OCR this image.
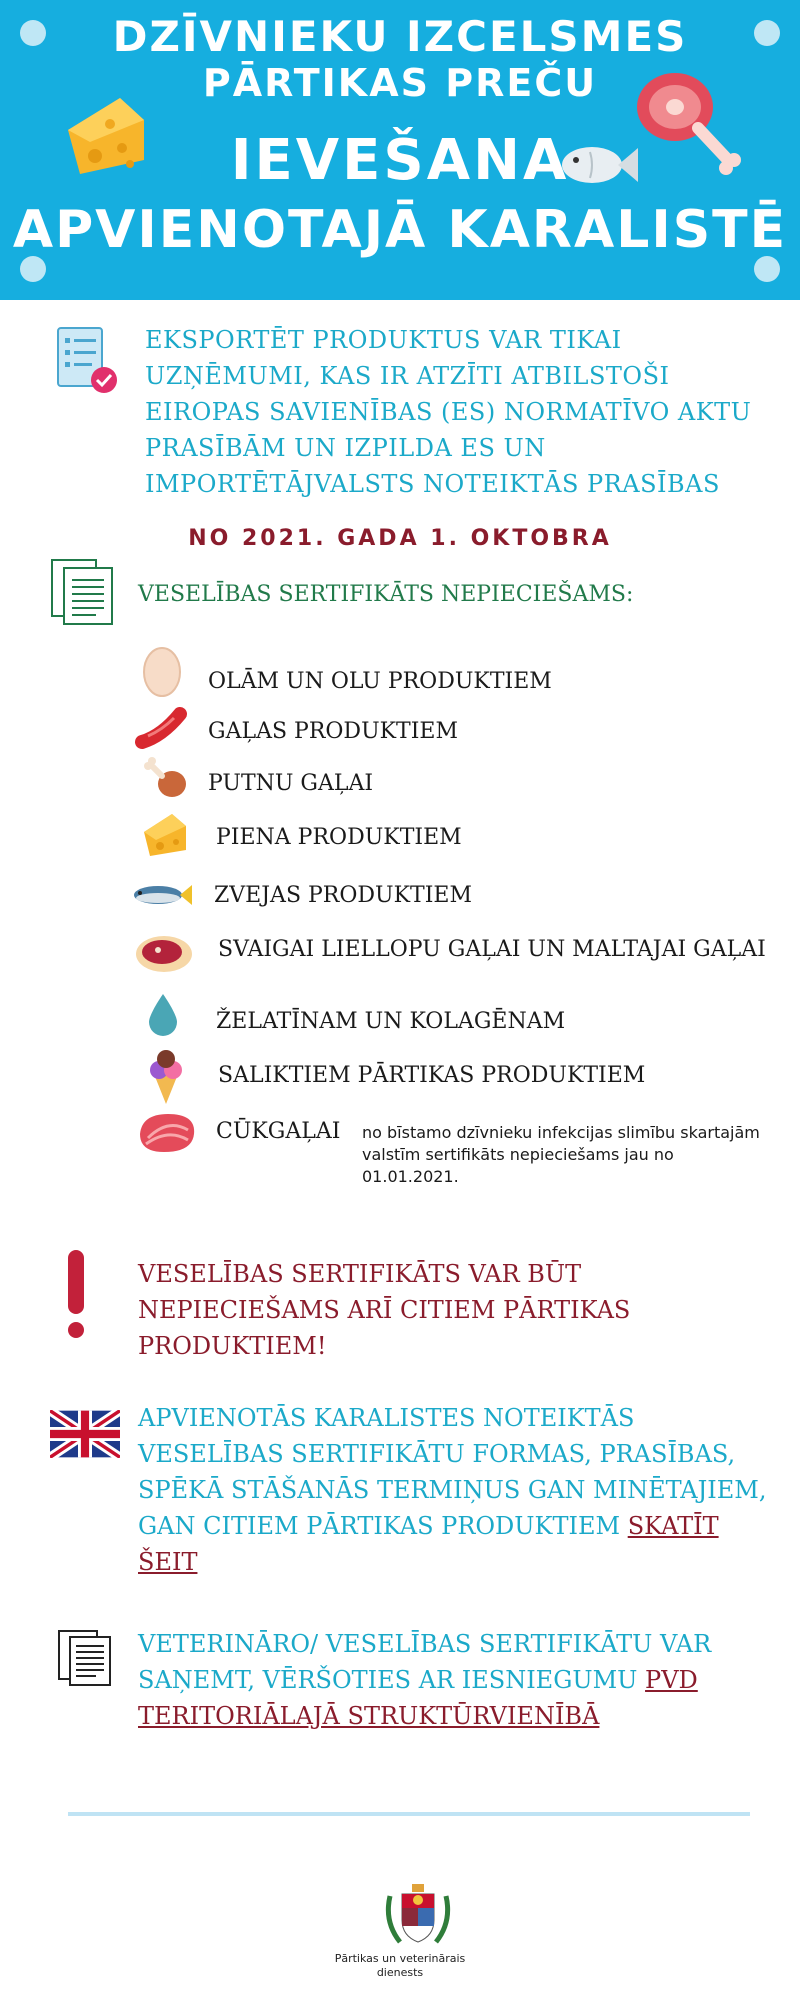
DZĪVNIEKU IZCELSMES
PĀRTIKAS PREČU
IEVEŠANA
APVIENOTAJĀ KARALISTĒ
EKSPORTĒT PRODUKTUS VAR TIKAI UZŅĒMUMI, KAS IR ATZĪTI ATBILSTOŠI EIROPAS SAVIENĪBAS (ES) NORMATĪVO AKTU PRASĪBĀM UN IZPILDA ES UN IMPORTĒTĀJVALSTS NOTEIKTĀS PRASĪBAS
NO 2021. GADA 1. OKTOBRA
VESELĪBAS SERTIFIKĀTS NEPIECIEŠAMS:
OLĀM UN OLU PRODUKTIEM
GAĻAS PRODUKTIEM
PUTNU GAĻAI
PIENA PRODUKTIEM
ZVEJAS PRODUKTIEM
SVAIGAI LIELLOPU GAĻAI UN MALTAJAI GAĻAI
ŽELATĪNAM UN KOLAGĒNAM
SALIKTIEM PĀRTIKAS PRODUKTIEM
CŪKGAĻAI no bīstamo dzīvnieku infekcijas slimību skartajām valstīm sertifikāts nepieciešams jau no 01.01.2021.
VESELĪBAS SERTIFIKĀTS VAR BŪT NEPIECIEŠAMS ARĪ CITIEM PĀRTIKAS PRODUKTIEM!
APVIENOTĀS KARALISTES NOTEIKTĀS VESELĪBAS SERTIFIKĀTU FORMAS, PRASĪBAS, SPĒKĀ STĀŠANĀS TERMIŅUS GAN MINĒTAJIEM, GAN CITIEM PĀRTIKAS PRODUKTIEM SKATĪT ŠEIT
VETERINĀRO/ VESELĪBAS SERTIFIKĀTU VAR SAŅEMT, VĒRŠOTIES AR IESNIEGUMU PVD TERITORIĀLAJĀ STRUKTŪRVIENĪBĀ
Pārtikas un veterinārais
dienests
